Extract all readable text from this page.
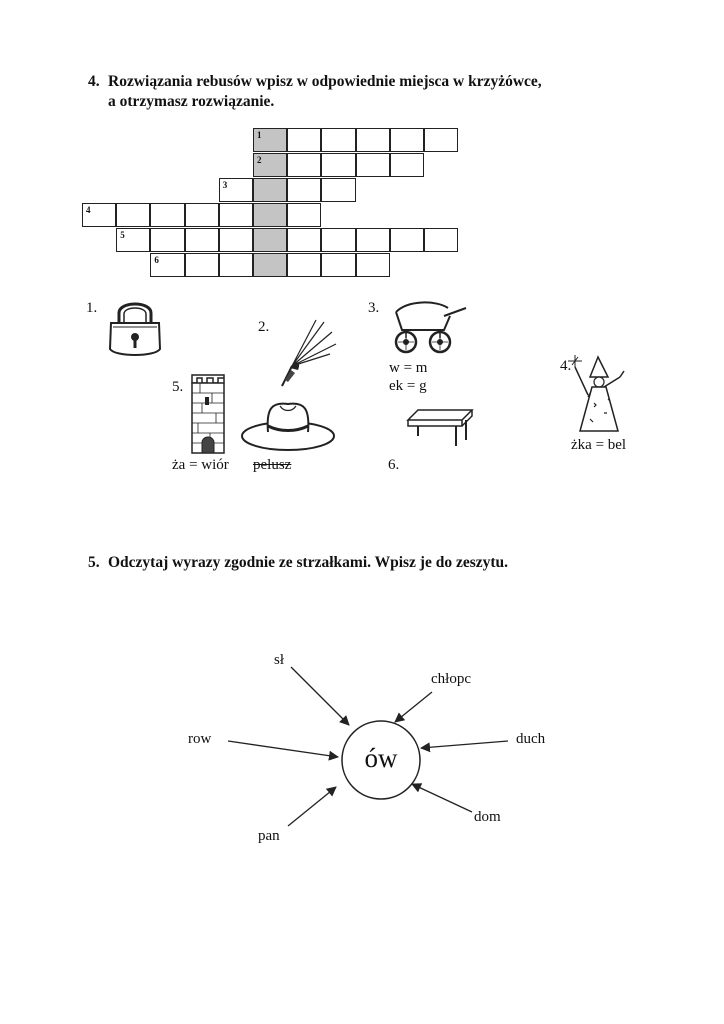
4. Rozwiązania rebusów wpisz w odpowiednie miejsca w krzyżówce,
a otrzymasz rozwiązanie.
1
2
3
4
5
6
1.
2.
3.
w = m
ek = g
4.
żka = bel
5.
ża = wiór pelusz	6.
5. Odczytaj wyrazy zgodnie ze strzałkami. Wpisz je do zeszytu.
ów
sł
chłopc
row	duch
pan
dom
